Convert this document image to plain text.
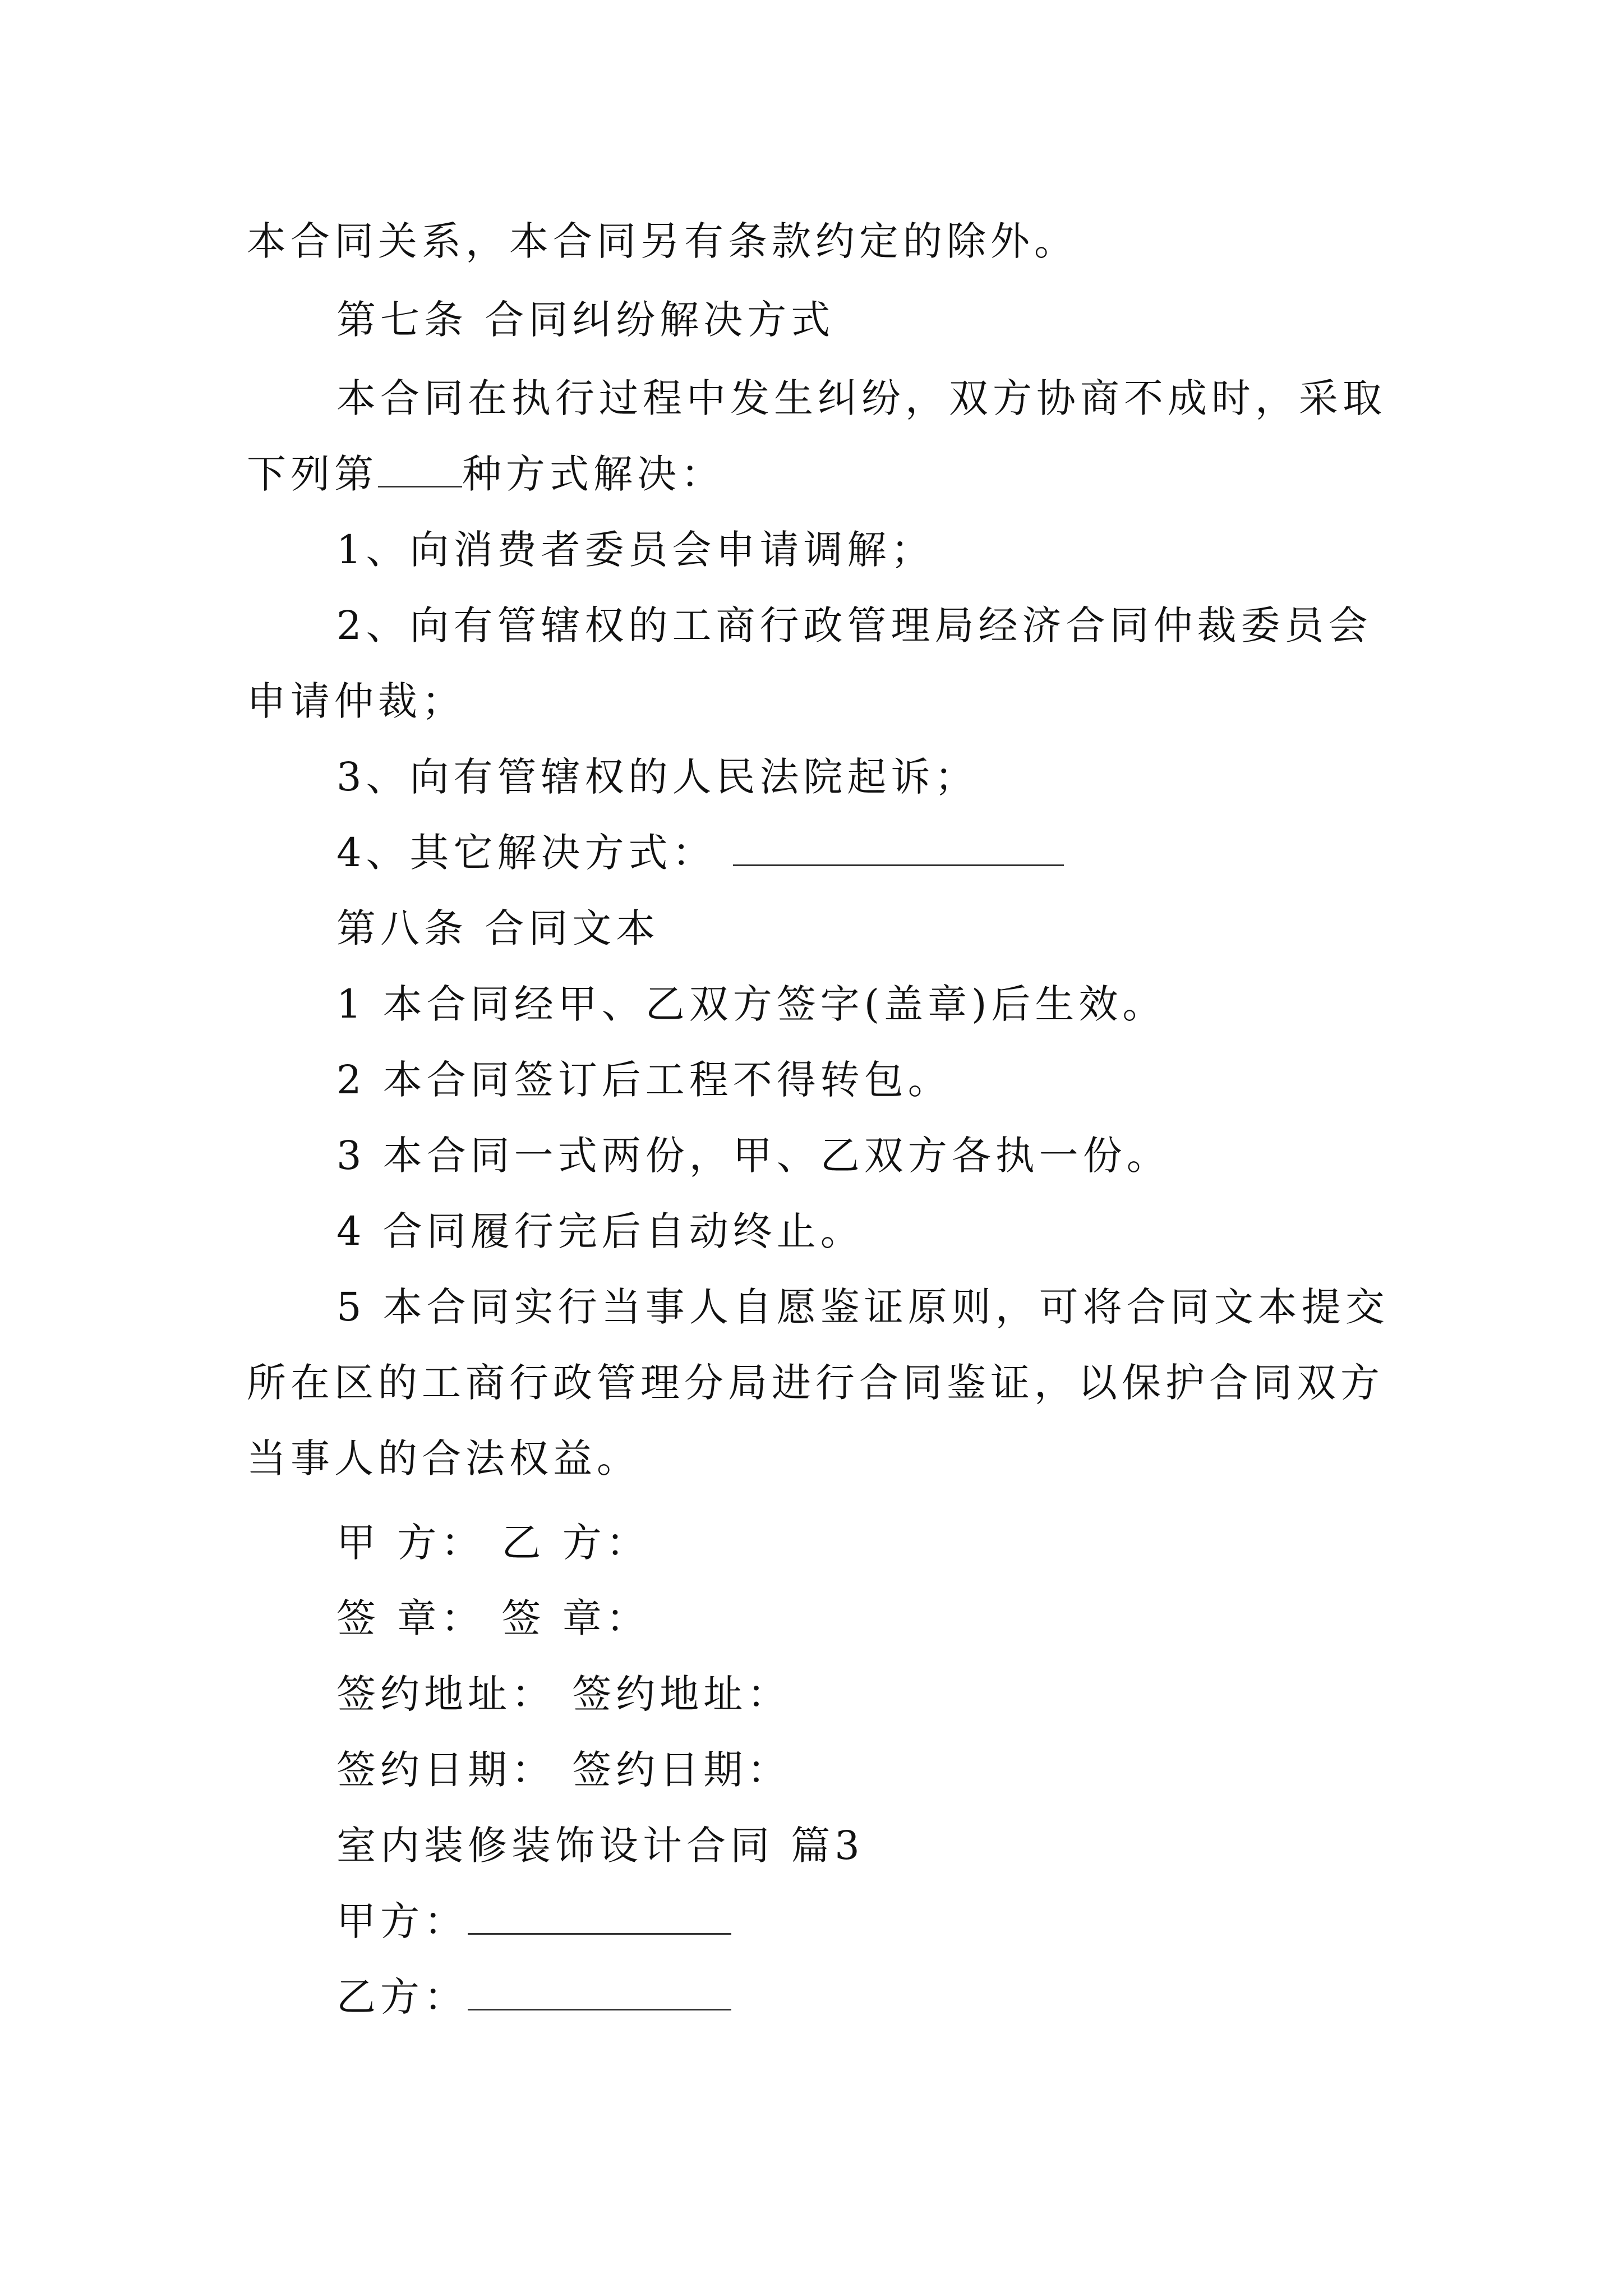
本合同关系，本合同另有条款约定的除外。
第七条 合同纠纷解决方式
本合同在执行过程中发生纠纷，双方协商不成时，采取
下列第 种方式解决：
1、向消费者委员会申请调解；
2、向有管辖权的工商行政管理局经济合同仲裁委员会
申请仲裁；
3、向有管辖权的人民法院起诉；
4、其它解决方式：
第八条 合同文本
1 本合同经甲、乙双方签字(盖章)后生效。
2 本合同签订后工程不得转包。
3 本合同一式两份，甲、乙双方各执一份。
4 合同履行完后自动终止。
5 本合同实行当事人自愿鉴证原则，可将合同文本提交
所在区的工商行政管理分局进行合同鉴证，以保护合同双方
当事人的合法权益。
甲 方： 乙 方：
签 章： 签 章：
签约地址： 签约地址：
签约日期： 签约日期：
室内装修装饰设计合同 篇3
甲方：
乙方：
